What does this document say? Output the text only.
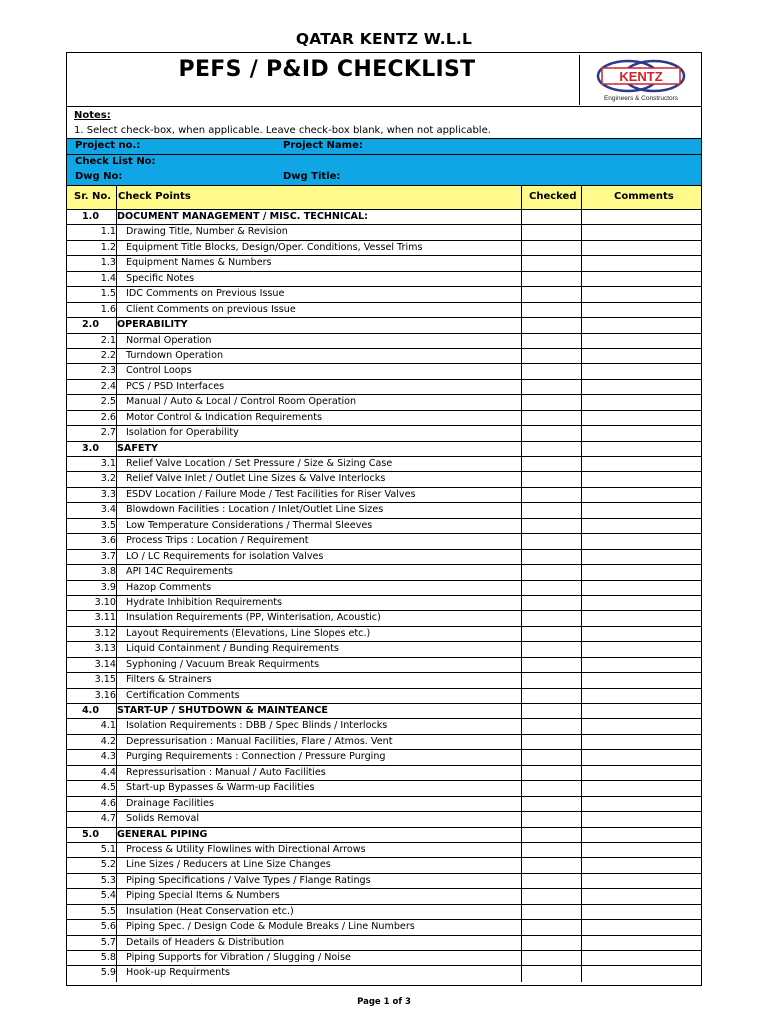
QATAR KENTZ W.L.L
PEFS / P&ID CHECKLIST	KENTZ
Engineers & Constructors
Notes:
1. Select check-box, when applicable. Leave check-box blank, when not applicable.
Project no.:	Project Name:
Check List No:
Dwg No:	Dwg Title:
Sr. No. Check Points	Checked	Comments
1.0 DOCUMENT MANAGEMENT / MISC. TECHNICAL:
1.1 Drawing Title, Number & Revision
1.2 Equipment Title Blocks, Design/Oper. Conditions, Vessel Trims
1.3 Equipment Names & Numbers
1.4 Specific Notes
1.5 IDC Comments on Previous Issue
1.6 Client Comments on previous Issue
2.0 OPERABILITY
2.1 Normal Operation
2.2 Turndown Operation
2.3 Control Loops
2.4 PCS / PSD Interfaces
2.5 Manual / Auto & Local / Control Room Operation
2.6 Motor Control & Indication Requirements
2.7 Isolation for Operability
3.0 SAFETY
3.1 Relief Valve Location / Set Pressure / Size & Sizing Case
3.2 Relief Valve Inlet / Outlet Line Sizes & Valve Interlocks
3.3 ESDV Location / Failure Mode / Test Facilities for Riser Valves
3.4 Blowdown Facilities : Location / Inlet/Outlet Line Sizes
3.5 Low Temperature Considerations / Thermal Sleeves
3.6 Process Trips : Location / Requirement
3.7 LO / LC Requirements for isolation Valves
3.8 API 14C Requirements
3.9 Hazop Comments
3.10 Hydrate Inhibition Requirements
3.11 Insulation Requirements (PP, Winterisation, Acoustic)
3.12 Layout Requirements (Elevations, Line Slopes etc.)
3.13 Liquid Containment / Bunding Requirements
3.14 Syphoning / Vacuum Break Requirments
3.15 Filters & Strainers
3.16 Certification Comments
4.0 START-UP / SHUTDOWN & MAINTEANCE
4.1 Isolation Requirements : DBB / Spec Blinds / Interlocks
4.2 Depressurisation : Manual Facilities, Flare / Atmos. Vent
4.3 Purging Requirements : Connection / Pressure Purging
4.4 Repressurisation : Manual / Auto Facilities
4.5 Start-up Bypasses & Warm-up Facilities
4.6 Drainage Facilities
4.7 Solids Removal
5.0 GENERAL PIPING
5.1 Process & Utility Flowlines with Directional Arrows
5.2 Line Sizes / Reducers at Line Size Changes
5.3 Piping Specifications / Valve Types / Flange Ratings
5.4 Piping Special Items & Numbers
5.5 Insulation (Heat Conservation etc.)
5.6 Piping Spec. / Design Code & Module Breaks / Line Numbers
5.7 Details of Headers & Distribution
5.8 Piping Supports for Vibration / Slugging / Noise
5.9 Hook-up Requirments
Page 1 of 3
